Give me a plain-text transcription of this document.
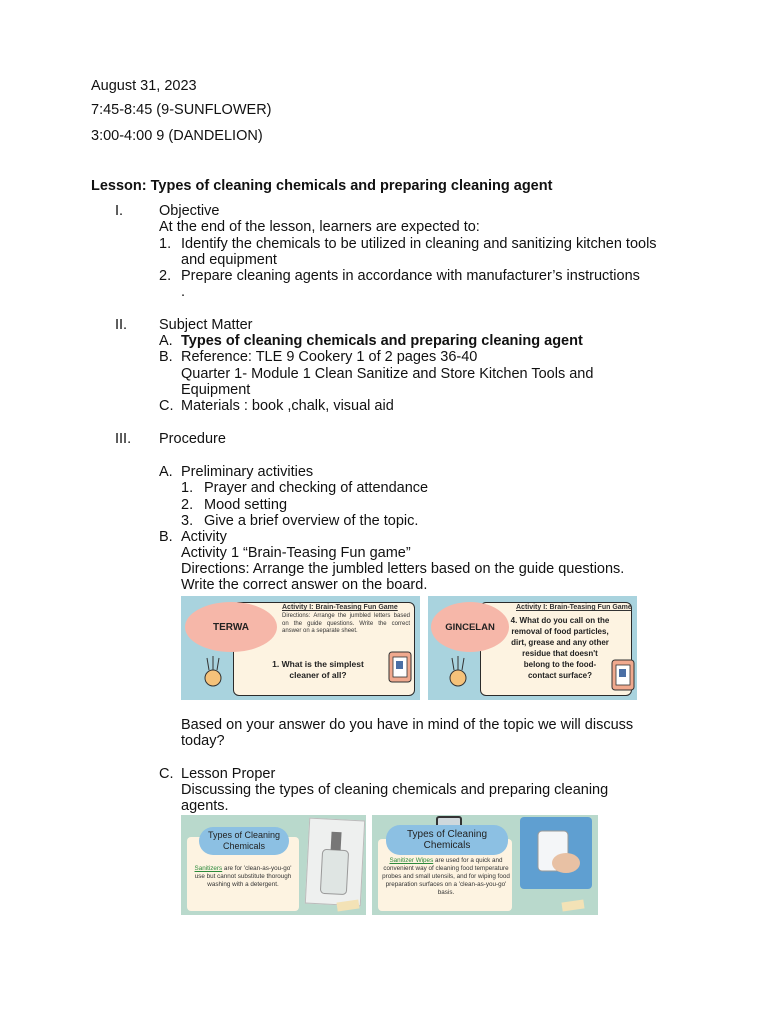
August 31, 2023
7:45-8:45 (9-SUNFLOWER)
3:00-4:00 9 (DANDELION)
Lesson: Types of cleaning chemicals and preparing cleaning agent
I. Objective
At the end of the lesson, learners are expected to:
1. Identify the chemicals to be utilized in cleaning and sanitizing kitchen tools
and equipment
2. Prepare cleaning agents in accordance with manufacturer’s instructions
.
II. Subject Matter
A. Types of cleaning chemicals and preparing cleaning agent
B. Reference: TLE 9 Cookery 1 of 2 pages 36-40
Quarter 1- Module 1 Clean Sanitize and Store Kitchen Tools and
Equipment
C. Materials : book ,chalk, visual aid
III. Procedure
A. Preliminary activities
1. Prayer and checking of attendance
2. Mood setting
3. Give a brief overview of the topic.
B. Activity
Activity 1 “Brain-Teasing Fun game”
Directions: Arrange the jumbled letters based on the guide questions.
Write the correct answer on the board.
TERWA
Activity I: Brain-Teasing Fun Game
Directions: Arrange the jumbled letters based on the guide questions. Write the correct answer on a separate sheet.
1. What is the simplest cleaner of all?
GINCELAN
Activity I: Brain-Teasing Fun Game
4. What do you call on the removal of food particles, dirt, grease and any other residue that doesn't belong to the food-contact surface?
Based on your answer do you have in mind of the topic we will discuss
today?
C. Lesson Proper
Discussing the types of cleaning chemicals and preparing cleaning
agents.
Types of Cleaning Chemicals
Sanitizers are for 'clean-as-you-go' use but cannot substitute thorough washing with a detergent.
Types of Cleaning Chemicals
Sanitizer Wipes are used for a quick and convenient way of cleaning food temperature probes and small utensils, and for wiping food preparation surfaces on a 'clean-as-you-go' basis.
